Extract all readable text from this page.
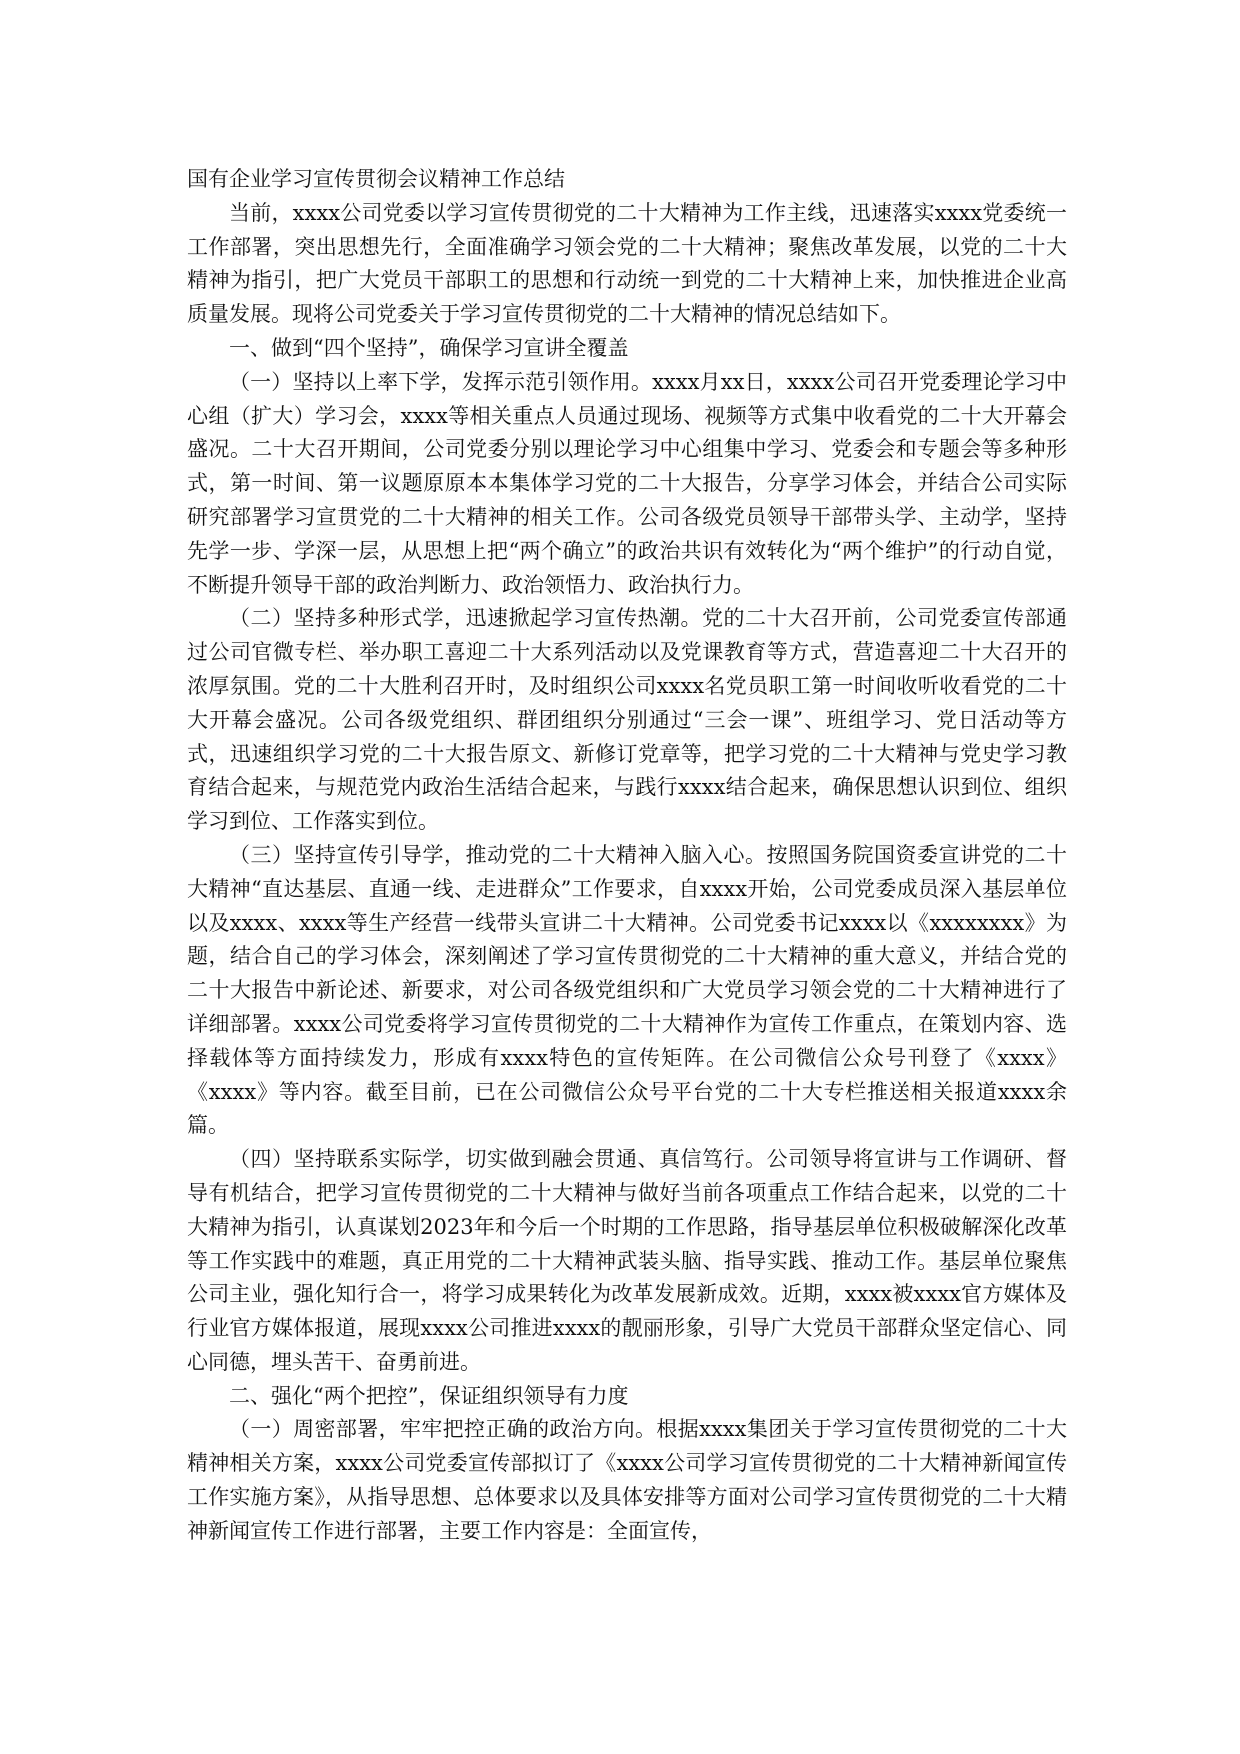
国有企业学习宣传贯彻会议精神工作总结

当前，xxxx公司党委以学习宣传贯彻党的二十大精神为工作主线，迅速落实xxxx党委统一工作部署，突出思想先行，全面准确学习领会党的二十大精神；聚焦改革发展，以党的二十大精神为指引，把广大党员干部职工的思想和行动统一到党的二十大精神上来，加快推进企业高质量发展。现将公司党委关于学习宣传贯彻党的二十大精神的情况总结如下。

一、做到“四个坚持”，确保学习宣讲全覆盖

（一）坚持以上率下学，发挥示范引领作用。xxxx月xx日，xxxx公司召开党委理论学习中心组（扩大）学习会，xxxx等相关重点人员通过现场、视频等方式集中收看党的二十大开幕会盛况。二十大召开期间，公司党委分别以理论学习中心组集中学习、党委会和专题会等多种形式，第一时间、第一议题原原本本集体学习党的二十大报告，分享学习体会，并结合公司实际研究部署学习宣贯党的二十大精神的相关工作。公司各级党员领导干部带头学、主动学，坚持先学一步、学深一层，从思想上把“两个确立”的政治共识有效转化为“两个维护”的行动自觉，不断提升领导干部的政治判断力、政治领悟力、政治执行力。

（二）坚持多种形式学，迅速掀起学习宣传热潮。党的二十大召开前，公司党委宣传部通过公司官微专栏、举办职工喜迎二十大系列活动以及党课教育等方式，营造喜迎二十大召开的浓厚氛围。党的二十大胜利召开时，及时组织公司xxxx名党员职工第一时间收听收看党的二十大开幕会盛况。公司各级党组织、群团组织分别通过“三会一课”、班组学习、党日活动等方式，迅速组织学习党的二十大报告原文、新修订党章等，把学习党的二十大精神与党史学习教育结合起来，与规范党内政治生活结合起来，与践行xxxx结合起来，确保思想认识到位、组织学习到位、工作落实到位。

（三）坚持宣传引导学，推动党的二十大精神入脑入心。按照国务院国资委宣讲党的二十大精神“直达基层、直通一线、走进群众”工作要求，自xxxx开始，公司党委成员深入基层单位以及xxxx、xxxx等生产经营一线带头宣讲二十大精神。公司党委书记xxxx以《xxxxxxxx》为题，结合自己的学习体会，深刻阐述了学习宣传贯彻党的二十大精神的重大意义，并结合党的二十大报告中新论述、新要求，对公司各级党组织和广大党员学习领会党的二十大精神进行了详细部署。xxxx公司党委将学习宣传贯彻党的二十大精神作为宣传工作重点，在策划内容、选择载体等方面持续发力，形成有xxxx特色的宣传矩阵。在公司微信公众号刊登了《xxxx》《xxxx》等内容。截至目前，已在公司微信公众号平台党的二十大专栏推送相关报道xxxx余篇。

（四）坚持联系实际学，切实做到融会贯通、真信笃行。公司领导将宣讲与工作调研、督导有机结合，把学习宣传贯彻党的二十大精神与做好当前各项重点工作结合起来，以党的二十大精神为指引，认真谋划2023年和今后一个时期的工作思路，指导基层单位积极破解深化改革等工作实践中的难题，真正用党的二十大精神武装头脑、指导实践、推动工作。基层单位聚焦公司主业，强化知行合一，将学习成果转化为改革发展新成效。近期，xxxx被xxxx官方媒体及行业官方媒体报道，展现xxxx公司推进xxxx的靓丽形象，引导广大党员干部群众坚定信心、同心同德，埋头苦干、奋勇前进。

二、强化“两个把控”，保证组织领导有力度

（一）周密部署，牢牢把控正确的政治方向。根据xxxx集团关于学习宣传贯彻党的二十大精神相关方案，xxxx公司党委宣传部拟订了《xxxx公司学习宣传贯彻党的二十大精神新闻宣传工作实施方案》，从指导思想、总体要求以及具体安排等方面对公司学习宣传贯彻党的二十大精神新闻宣传工作进行部署，主要工作内容是：全面宣传，
